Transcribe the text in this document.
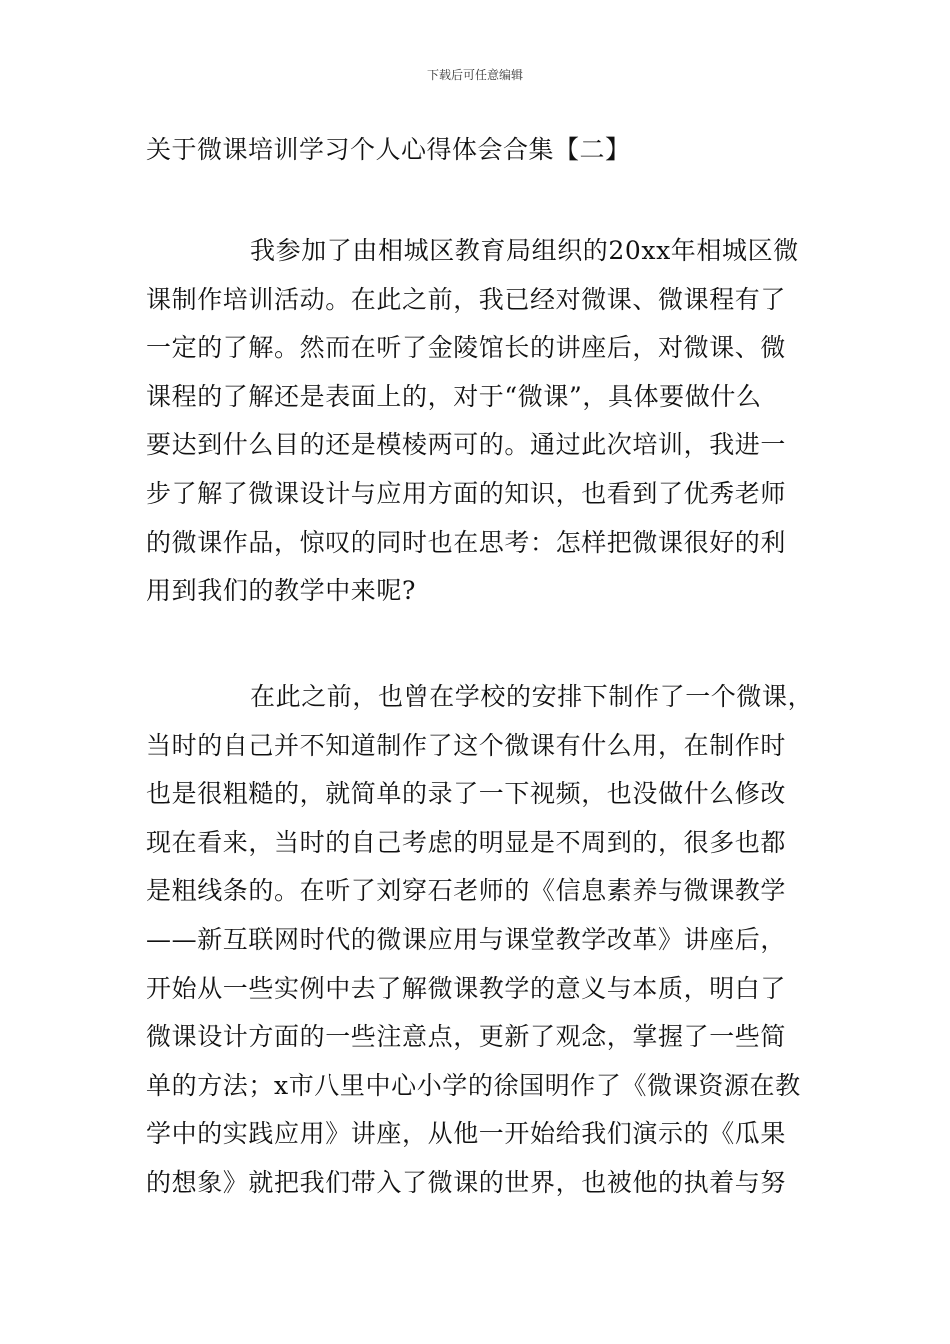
下载后可任意编辑
关于微课培训学习个人心得体会合集【二】
我参加了由相城区教育局组织的20xx年相城区微
课制作培训活动。在此之前，我已经对微课、微课程有了
一定的了解。然而在听了金陵馆长的讲座后，对微课、微
课程的了解还是表面上的，对于“微课”，具体要做什么
要达到什么目的还是模棱两可的。通过此次培训，我进一
步了解了微课设计与应用方面的知识，也看到了优秀老师
的微课作品，惊叹的同时也在思考：怎样把微课很好的利
用到我们的教学中来呢?
在此之前，也曾在学校的安排下制作了一个微课，
当时的自己并不知道制作了这个微课有什么用，在制作时
也是很粗糙的，就简单的录了一下视频，也没做什么修改
现在看来，当时的自己考虑的明显是不周到的，很多也都
是粗线条的。在听了刘穿石老师的《信息素养与微课教学
——新互联网时代的微课应用与课堂教学改革》讲座后，
开始从一些实例中去了解微课教学的意义与本质，明白了
微课设计方面的一些注意点，更新了观念，掌握了一些简
单的方法；x市八里中心小学的徐国明作了《微课资源在教
学中的实践应用》讲座，从他一开始给我们演示的《瓜果
的想象》就把我们带入了微课的世界，也被他的执着与努
